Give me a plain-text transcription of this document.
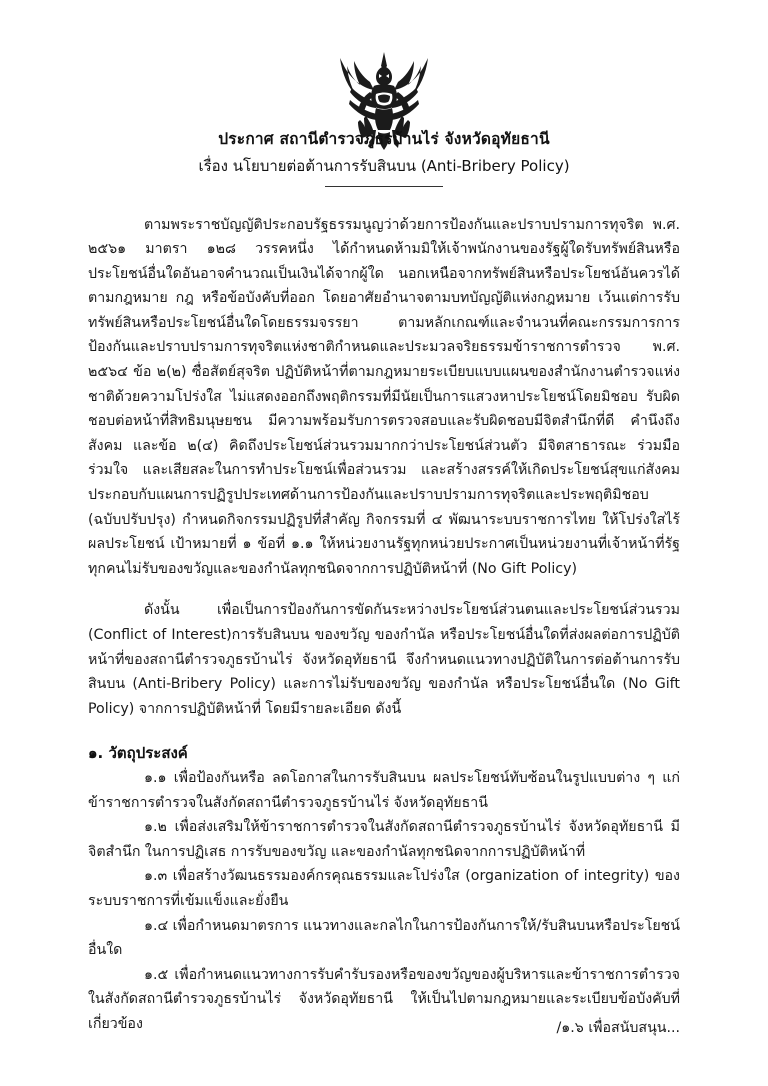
ประกาศ สถานีตำรวจภูธรบ้านไร่ จังหวัดอุทัยธานี
เรื่อง นโยบายต่อต้านการรับสินบน (Anti-Bribery Policy)

ตามพระราชบัญญัติประกอบรัฐธรรมนูญว่าด้วยการป้องกันและปราบปรามการทุจริต พ.ศ. ๒๕๖๑ มาตรา ๑๒๘ วรรคหนึ่ง ได้กำหนดห้ามมิให้เจ้าพนักงานของรัฐผู้ใดรับทรัพย์สินหรือประโยชน์อื่นใดอันอาจคำนวณเป็นเงินได้จากผู้ใด นอกเหนือจากทรัพย์สินหรือประโยชน์อันควรได้ตามกฎหมาย กฎ หรือข้อบังคับที่ออก โดยอาศัยอำนาจตามบทบัญญัติแห่งกฎหมาย เว้นแต่การรับทรัพย์สินหรือประโยชน์อื่นใดโดยธรรมจรรยา ตามหลักเกณฑ์และจำนวนที่คณะกรรมการการป้องกันและปราบปรามการทุจริตแห่งชาติกำหนดและประมวลจริยธรรมข้าราชการตำรวจ พ.ศ. ๒๕๖๔ ข้อ ๒(๒) ซื่อสัตย์สุจริต ปฏิบัติหน้าที่ตามกฎหมายระเบียบแบบแผนของสำนักงานตำรวจแห่งชาติด้วยความโปร่งใส ไม่แสดงออกถึงพฤติกรรมที่มีนัยเป็นการแสวงหาประโยชน์โดยมิชอบ รับผิดชอบต่อหน้าที่สิทธิมนุษยชน มีความพร้อมรับการตรวจสอบและรับผิดชอบมีจิตสำนึกที่ดี คำนึงถึงสังคม และข้อ ๒(๔) คิดถึงประโยชน์ส่วนรวมมากกว่าประโยชน์ส่วนตัว มีจิตสาธารณะ ร่วมมือ ร่วมใจ และเสียสละในการทำประโยชน์เพื่อส่วนรวม และสร้างสรรค์ให้เกิดประโยชน์สุขแก่สังคม ประกอบกับแผนการปฏิรูปประเทศด้านการป้องกันและปราบปรามการทุจริตและประพฤติมิชอบ (ฉบับปรับปรุง) กำหนดกิจกรรมปฏิรูปที่สำคัญ กิจกรรมที่ ๔ พัฒนาระบบราชการไทย ให้โปร่งใสไร้ผลประโยชน์ เป้าหมายที่ ๑ ข้อที่ ๑.๑ ให้หน่วยงานรัฐทุกหน่วยประกาศเป็นหน่วยงานที่เจ้าหน้าที่รัฐทุกคนไม่รับของขวัญและของกำนัลทุกชนิดจากการปฏิบัติหน้าที่ (No Gift Policy)

ดังนั้น เพื่อเป็นการป้องกันการขัดกันระหว่างประโยชน์ส่วนตนและประโยชน์ส่วนรวม (Conflict of Interest)การรับสินบน ของขวัญ ของกำนัล หรือประโยชน์อื่นใดที่ส่งผลต่อการปฏิบัติหน้าที่ของสถานีตำรวจภูธรบ้านไร่ จังหวัดอุทัยธานี จึงกำหนดแนวทางปฏิบัติในการต่อต้านการรับสินบน (Anti-Bribery Policy) และการไม่รับของขวัญ ของกำนัล หรือประโยชน์อื่นใด (No Gift Policy) จากการปฏิบัติหน้าที่ โดยมีรายละเอียด ดังนี้

๑. วัตถุประสงค์

๑.๑ เพื่อป้องกันหรือ ลดโอกาสในการรับสินบน ผลประโยชน์ทับซ้อนในรูปแบบต่าง ๆ แก่ข้าราชการตำรวจในสังกัดสถานีตำรวจภูธรบ้านไร่ จังหวัดอุทัยธานี

๑.๒ เพื่อส่งเสริมให้ข้าราชการตำรวจในสังกัดสถานีตำรวจภูธรบ้านไร่ จังหวัดอุทัยธานี มีจิตสำนึก ในการปฏิเสธ การรับของขวัญ และของกำนัลทุกชนิดจากการปฏิบัติหน้าที่

๑.๓ เพื่อสร้างวัฒนธรรมองค์กรคุณธรรมและโปร่งใส (organization of integrity) ของระบบราชการที่เข้มแข็งและยั่งยืน

๑.๔ เพื่อกำหนดมาตรการ แนวทางและกลไกในการป้องกันการให้/รับสินบนหรือประโยชน์อื่นใด

๑.๕ เพื่อกำหนดแนวทางการรับคำรับรองหรือของขวัญของผู้บริหารและข้าราชการตำรวจในสังกัดสถานีตำรวจภูธรบ้านไร่ จังหวัดอุทัยธานี ให้เป็นไปตามกฎหมายและระเบียบข้อบังคับที่เกี่ยวข้อง	/๑.๖ เพื่อสนับสนุน...
